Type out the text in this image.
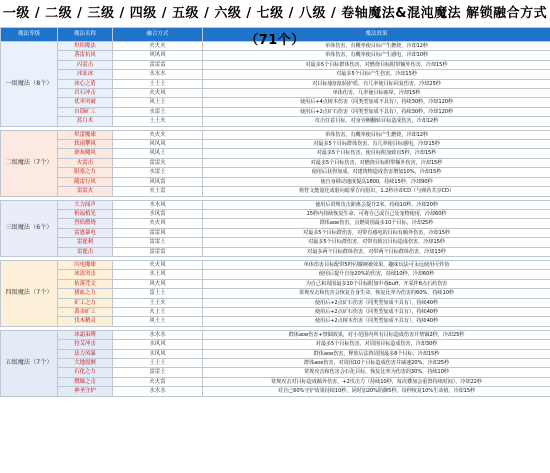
一级 / 二级 / 三级 / 四级 / 五级 / 六级 / 七级 / 八级 / 卷轴魔法&混沌魔法 解锁融合方式（71个）
魔法等级	魔法名称	融合方式	魔法效果
一级魔法（8个）	炽焰魔法	火火火	单体伤害，有概率使目标产生燃烧，冷却12秒
	落雷抗风	风风风	单体伤害，有概率使目标产生感电，冷却10秒
	闪雷击	雷雷雷	对最多5个目标群体伤害，对燃烧目标附带额外伤害，冷却15秒
	冰冻冰	水水水	对最多5个目标产生伤害，冷却15秒
	冰心之盾	土土土	对目标施加加固护盾，有几率使目标回复伤害，冷却25秒
	岩石冲击	火火风	单体伤害，几率使目标眩晕，冷却15秒
	优率突破	风土土	使用后+4点树木伤害（同类型加成不具有），持续30秒，冷却120秒
	自锁矿工	水雷土	使用后+2点矿石伤害（同类型加成不具有），持续30秒，冷却120秒
	蓝月术	土土火	攻击任意目标，对身旁侧翻转目标造成伤害，冷却12秒

二级魔法（7个）	炽雷魔球	火火火	单体伤害，有概率使目标产生燃烧，冷却12秒
	软雨攀风	风风风	对最多5个目标群体伤害，有几率使目标感电，冷却15秒
	砂灰飓风	风风土	对最多5个目标伤害，使目标附加致盲5秒，冷却15秒
	火雷击	雷雷火	对最多5个目标伤害，对燃烧目标附带额外伤害，冷却15秒
	阻塞之力	水雷土	使用后获得加成，对建筑物造成伤害增加10%，冷却15秒
	随雷行风	风风雷	使自身移动速度提高1800，持续15秒，冷却90秒
	雷雷火	火土雷	将符文能量化成射向暗掌方向射出，1.2秒冷却CD（与弹药共享CD）

三级魔法（6个）	大力闻声	水水风	使用后常规攻击距离会提升2米，持续10秒，冷却20秒
	析福植光	水风雷	15秒内持续恢复生命，可将自己或自己及宠物使用，冷却60秒
	烈焰燃烧	火火风	群体aoe伤害，点燃周围最多10个目标，冷却25秒
	雷霆暴电	雷雷风	对最多5个目标群伤害，对带有感电的目标有额外伤害，冷却15秒
	雷霆刺	雷雷土	对最多5个目标群伤害，对带有致盲目标造成伤害，冷却15秒
	雷霆击	雷雷雷	对最多两个目标群体伤害，对带两个目标群体伤害，冷却13秒

四级魔法（7个）	闪电魔球	火火风	单体伤害目标配带5秒闪耀硬被效果，趣味玩法可永远使用可炸鱼
	冰冻突击	水土风	使用后提升自身20%的伤害，持续10秒，冷却60秒
	枯落咒文	风火风	为自己和周围最多10个目标附加中毒buff，开采伴8点石药伤害
	猪血之力	雷土土	常规攻击和伤害会恢复自身生命，恢复比率为伤害的60%，持续10秒
	矿工之力	土土火	使用后+2点矿石伤害（同类型加成不具有），持续40秒
	黄金矿工	火土土	使用后+2点矿石伤害（同类型加成不具有），持续40秒
	伐木精灵	风土土	使用后+2点树木伤害（同类型加成不具有），持续40秒

五级魔法（7个）	冰霜束缚	水水水	群体aoe伤害+禁锢效果，对小范围内所有目标造成伤害并禁锢2秒，冷却25秒
	狩艾冲击	水风风	对最多5个目标伤害，对周围目标造成伤害，冷却30秒
	法力风暴	水风风	群体aoe伤害，释放后法阵周围最多8个目标，冷却15秒
	大地震颤	土土土	群体aoe伤害，对周围10个目标造成伤害并减速20%，冷却25秒
	石化之力	雷雷土	常规攻击和伤害会石化目标，恢复比率为伤害的30%，持续10秒
	燃爆之击	火火雷	常规攻击对目标造成额外伤害，+2攻击力（持续10秒，每次叠加会重置持续时间），冷却22秒
	神圣守护	水水水	对自己60%守护效果持续10秒，同时加20%防御5秒，每秒恢复10%生命值，冷却15秒
